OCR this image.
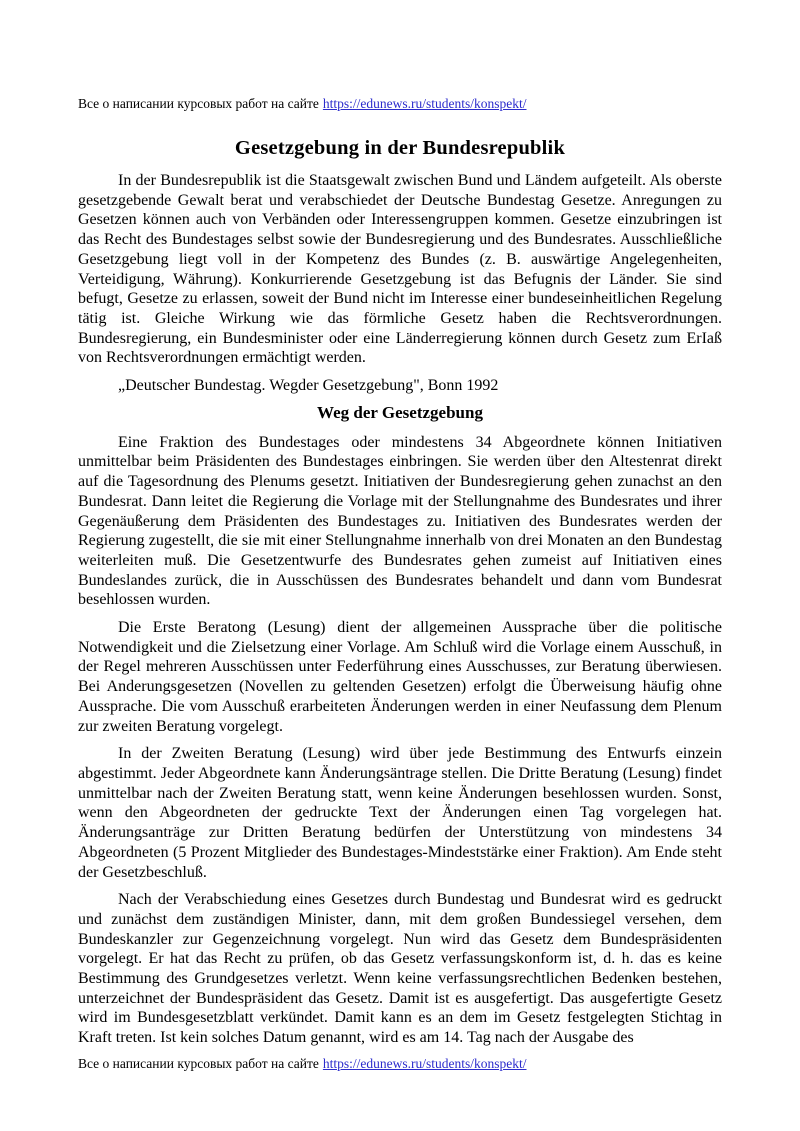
Все о написании курсовых работ на сайте https://edunews.ru/students/konspekt/
Gesetzgebung in der Bundesrepublik

In der Bundesrepublik ist die Staatsgewalt zwischen Bund und Ländem aufgeteilt. Als oberste gesetzgebende Gewalt berat und verabschiedet der Deutsche Bundestag Gesetze. Anregungen zu Gesetzen können auch von Verbänden oder Interessengruppen kommen. Gesetze einzubringen ist das Recht des Bundestages selbst sowie der Bundesregierung und des Bundesrates. Ausschließliche Gesetzgebung liegt voll in der Kompetenz des Bundes (z. B. auswärtige Angelegenheiten, Verteidigung, Währung). Konkurrierende Gesetzgebung ist das Befugnis der Länder. Sie sind befugt, Gesetze zu erlassen, soweit der Bund nicht im Interesse einer bundeseinheitlichen Regelung tätig ist. Gleiche Wirkung wie das förmliche Gesetz haben die Rechtsverordnungen. Bundesregierung, ein Bundesminister oder eine Länderregierung können durch Gesetz zum ErIaß von Rechtsverordnungen ermächtigt werden.

„Deutscher Bundestag. Wegder Gesetzgebung", Bonn 1992

Weg der Gesetzgebung

Eine Fraktion des Bundestages oder mindestens 34 Abgeordnete können Initiativen unmittelbar beim Präsidenten des Bundestages einbringen. Sie werden über den Altestenrat direkt auf die Tagesordnung des Plenums gesetzt. Initiativen der Bundesregierung gehen zunachst an den Bundesrat. Dann leitet die Regierung die Vorlage mit der Stellungnahme des Bundesrates und ihrer Gegenäußerung dem Präsidenten des Bundestages zu. Initiativen des Bundesrates werden der Regierung zugestellt, die sie mit einer Stellungnahme innerhalb von drei Monaten an den Bundestag weiterleiten muß. Die Gesetzentwurfe des Bundesrates gehen zumeist auf Initiativen eines Bundeslandes zurück, die in Ausschüssen des Bundesrates behandelt und dann vom Bundesrat besehlossen wurden.

Die Erste Beratong (Lesung) dient der allgemeinen Aussprache über die politische Notwendigkeit und die Zielsetzung einer Vorlage. Am Schluß wird die Vorlage einem Ausschuß, in der Regel mehreren Ausschüssen unter Federführung eines Ausschusses, zur Beratung überwiesen. Bei Anderungsgesetzen (Novellen zu geltenden Gesetzen) erfolgt die Überweisung häufig ohne Aussprache. Die vom Ausschuß erarbeiteten Änderungen werden in einer Neufassung dem Plenum zur zweiten Beratung vorgelegt.

In der Zweiten Beratung (Lesung) wird über jede Bestimmung des Entwurfs einzein abgestimmt. Jeder Abgeordnete kann Änderungsäntrage stellen. Die Dritte Beratung (Lesung) findet unmittelbar nach der Zweiten Beratung statt, wenn keine Änderungen besehlossen wurden. Sonst, wenn den Abgeordneten der gedruckte Text der Änderungen einen Tag vorgelegen hat. Änderungsanträge zur Dritten Beratung bedürfen der Unterstützung von mindestens 34 Abgeordneten (5 Prozent Mitglieder des Bundestages-Mindeststärke einer Fraktion). Am Ende steht der Gesetzbeschluß.

Nach der Verabschiedung eines Gesetzes durch Bundestag und Bundesrat wird es gedruckt und zunächst dem zuständigen Minister, dann, mit dem großen Bundessiegel versehen, dem Bundeskanzler zur Gegenzeichnung vorgelegt. Nun wird das Gesetz dem Bundespräsidenten vorgelegt. Er hat das Recht zu prüfen, ob das Gesetz verfassungskonform ist, d. h. das es keine Bestimmung des Grundgesetzes verletzt. Wenn keine verfassungsrechtlichen Bedenken bestehen, unterzeichnet der Bundespräsident das Gesetz. Damit ist es ausgefertigt. Das ausgefertigte Gesetz wird im Bundesgesetzblatt verkündet. Damit kann es an dem im Gesetz festgelegten Stichtag in Kraft treten. Ist kein solches Datum genannt, wird es am 14. Tag nach der Ausgabe des

Все о написании курсовых работ на сайте https://edunews.ru/students/konspekt/
